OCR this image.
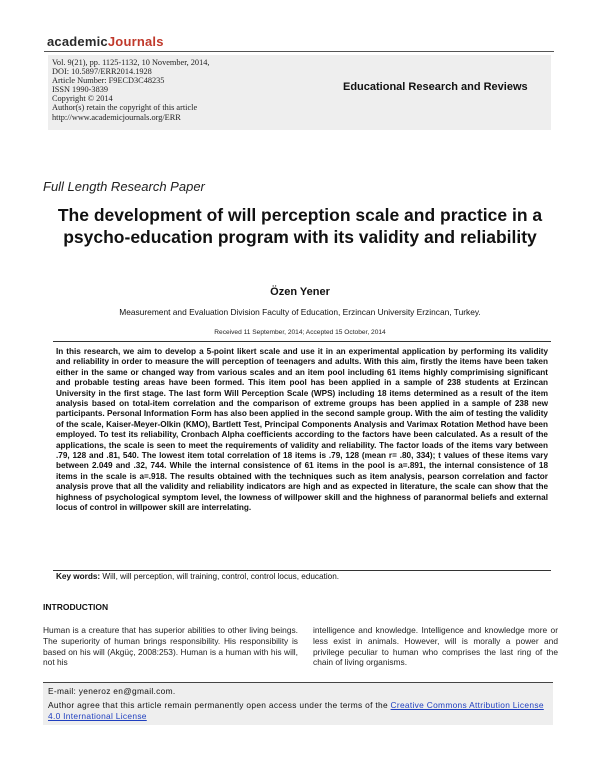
academicJournals
Vol. 9(21), pp. 1125-1132, 10 November, 2014,
DOI: 10.5897/ERR2014.1928
Article Number: F9ECD3C48235
ISSN 1990-3839
Copyright © 2014
Author(s) retain the copyright of this article
http://www.academicjournals.org/ERR
Educational Research and Reviews
Full Length Research Paper
The development of will perception scale and practice in a psycho-education program with its validity and reliability
Özen Yener
Measurement and Evaluation Division Faculty of Education, Erzincan University Erzincan, Turkey.
Received 11 September, 2014; Accepted 15 October, 2014
In this research, we aim to develop a 5-point likert scale and use it in an experimental application by performing its validity and reliability in order to measure the will perception of teenagers and adults. With this aim, firstly the items have been taken either in the same or changed way from various scales and an item pool including 61 items highly comprimising significant and probable testing areas have been formed. This item pool has been applied in a sample of 238 students at Erzincan University in the first stage. The last form Will Perception Scale (WPS) including 18 items determined as a result of the item analysis based on total-item correlation and the comparison of extreme groups has been applied in a sample of 238 new participants. Personal Information Form has also been applied in the second sample group. With the aim of testing the validity of the scale, Kaiser-Meyer-Olkin (KMO), Bartlett Test, Principal Components Analysis and Varimax Rotation Method have been employed. To test its reliability, Cronbach Alpha coefficients according to the factors have been calculated. As a result of the applications, the scale is seen to meet the requirements of validity and reliability. The factor loads of the items vary between .79, 128 and .81, 540. The lowest item total correlation of 18 items is .79, 128 (mean r= .80, 334); t values of these items vary between 2.049 and .32, 744. While the internal consistence of 61 items in the pool is a=.891, the internal consistence of 18 items in the scale is a=.918. The results obtained with the techniques such as item analysis, pearson correlation and factor analysis prove that all the validity and reliability indicators are high and as expected in literature, the scale can show that the highness of psychological symptom level, the lowness of willpower skill and the highness of paranormal beliefs and external locus of control in willpower skill are interrelating.
Key words: Will, will perception, will training, control, control locus, education.
INTRODUCTION
Human is a creature that has superior abilities to other living beings. The superiority of human brings responsibility. His responsibility is based on his will (Akgüç, 2008:253). Human is a human with his will, not his
intelligence and knowledge. Intelligence and knowledge more or less exist in animals. However, will is morally a power and privilege peculiar to human who comprises the last ring of the chain of living organisms.
E-mail: yeneroz en@gmail.com.
Author agree that this article remain permanently open access under the terms of the Creative Commons Attribution License 4.0 International License
